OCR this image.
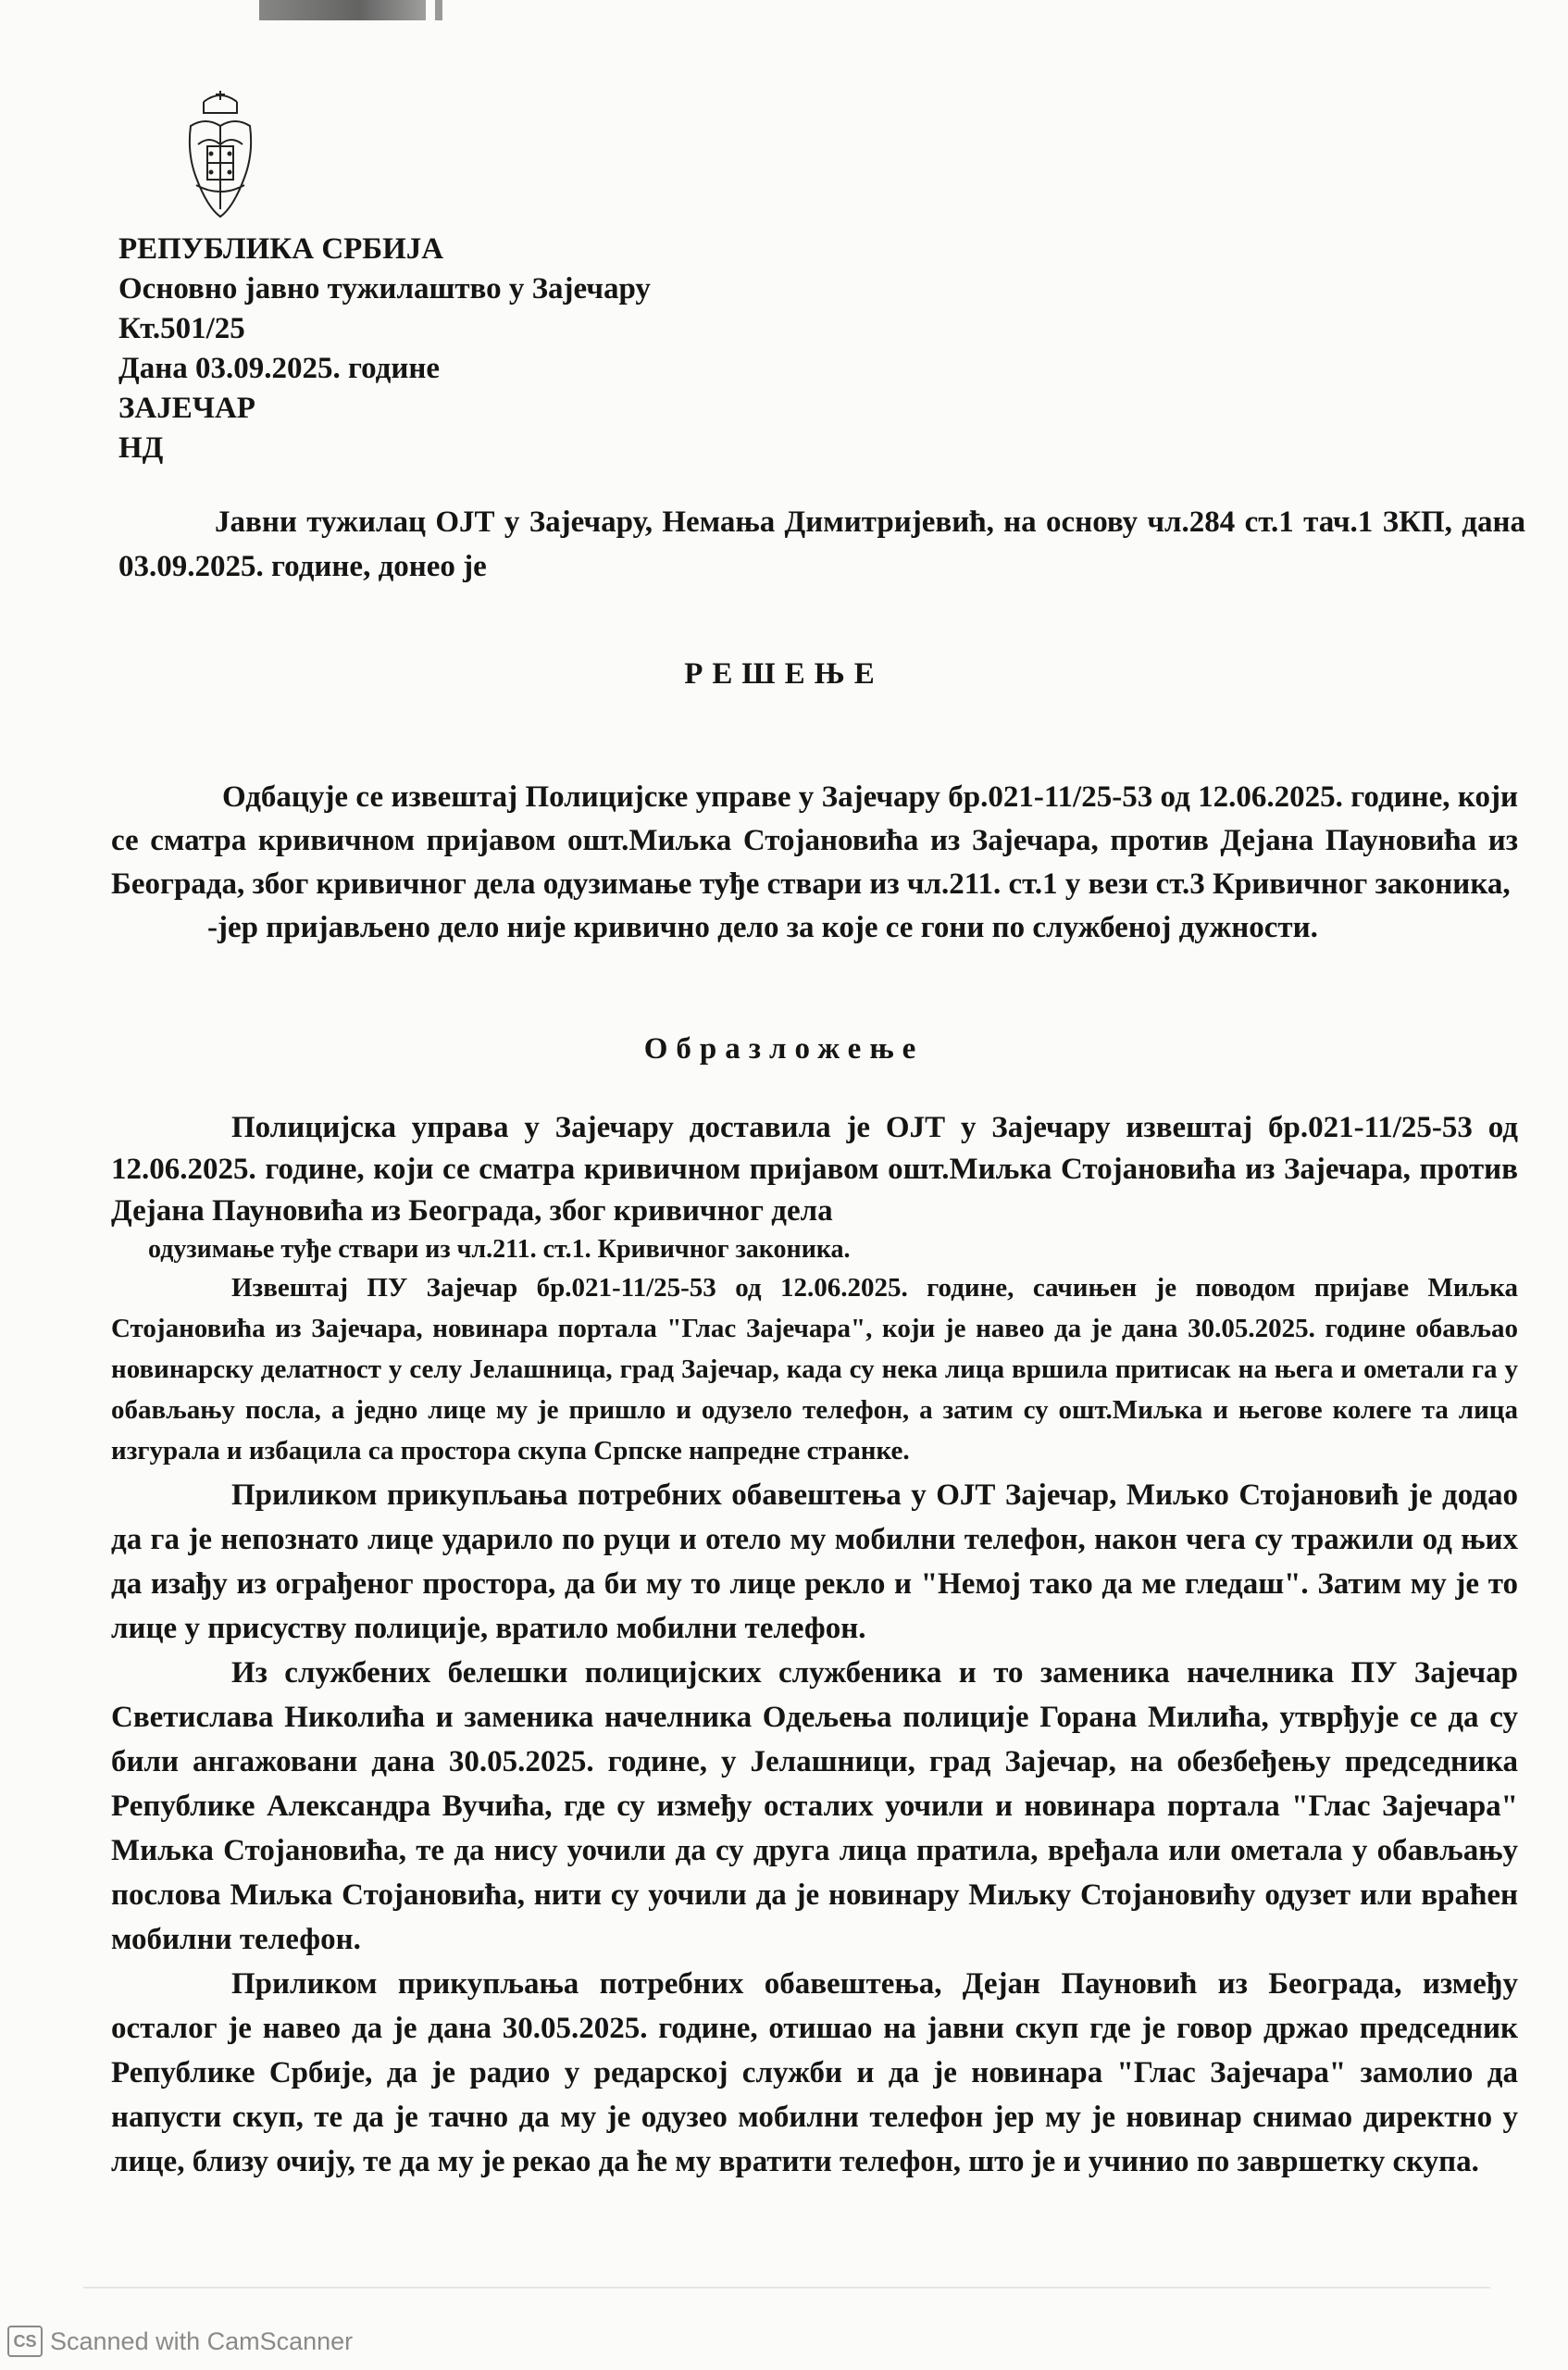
РЕПУБЛИКА СРБИЈА
Основно јавно тужилаштво у Зајечару
Кт.501/25
Дана 03.09.2025. године
ЗАЈЕЧАР
НД
Јавни тужилац ОЈТ у Зајечару, Немања Димитријевић, на основу чл.284 ст.1 тач.1 ЗКП, дана 03.09.2025. године, донео је
РЕШЕЊЕ
Одбацује се извештај Полицијске управе у Зајечару бр.021-11/25-53 од 12.06.2025. године, који се сматра кривичном пријавом ошт.Миљка Стојановића из Зајечара, против Дејана Пауновића из Београда, због кривичног дела одузимање туђе ствари из чл.211. ст.1 у вези ст.3 Кривичног законика,
-јер пријављено дело није кривично дело за које се гони по службеној дужности.
Образложење

Полицијска управа у Зајечару доставила је ОЈТ у Зајечару извештај бр.021-11/25-53 од 12.06.2025. године, који се сматра кривичном пријавом ошт.Миљка Стојановића из Зајечара, против Дејана Пауновића из Београда, због кривичног дела

одузимање туђе ствари из чл.211. ст.1. Кривичног законика.

Извештај ПУ Зајечар бр.021-11/25-53 од 12.06.2025. године, сачињен је поводом пријаве Миљка Стојановића из Зајечара, новинара портала "Глас Зајечара", који је навео да је дана 30.05.2025. године обављао новинарску делатност у селу Јелашница, град Зајечар, када су нека лица вршила притисак на њега и ометали га у обављању посла, а једно лице му је пришло и одузело телефон, а затим су ошт.Миљка и његове колеге та лица изгурала и избацила са простора скупа Српске напредне странке.

Приликом прикупљања потребних обавештења у ОЈТ Зајечар, Миљко Стојановић је додао да га је непознато лице ударило по руци и отело му мобилни телефон, након чега су тражили од њих да изађу из ограђеног простора, да би му то лице рекло и "Немој тако да ме гледаш". Затим му је то лице у присуству полиције, вратило мобилни телефон.

Из службених белешки полицијских службеника и то заменика начелника ПУ Зајечар Светислава Николића и заменика начелника Одељења полиције Горана Милића, утврђује се да су били ангажовани дана 30.05.2025. године, у Јелашници, град Зајечар, на обезбеђењу председника Републике Александра Вучића, где су између осталих уочили и новинара портала "Глас Зајечара" Миљка Стојановића, те да нису уочили да су друга лица пратила, вређала или ометала у обављању послова Миљка Стојановића, нити су уочили да је новинару Миљку Стојановићу одузет или враћен мобилни телефон.

Приликом прикупљања потребних обавештења, Дејан Пауновић из Београда, између осталог је навео да је дана 30.05.2025. године, отишао на јавни скуп где је говор држао председник Републике Србије, да је радио у редарској служби и да је новинара "Глас Зајечара" замолио да напусти скуп, те да је тачно да му је одузео мобилни телефон јер му је новинар снимао директно у лице, близу очију, те да му је рекао да ће му вратити телефон, што је и учинио по завршетку скупа.

CS Scanned with CamScanner
